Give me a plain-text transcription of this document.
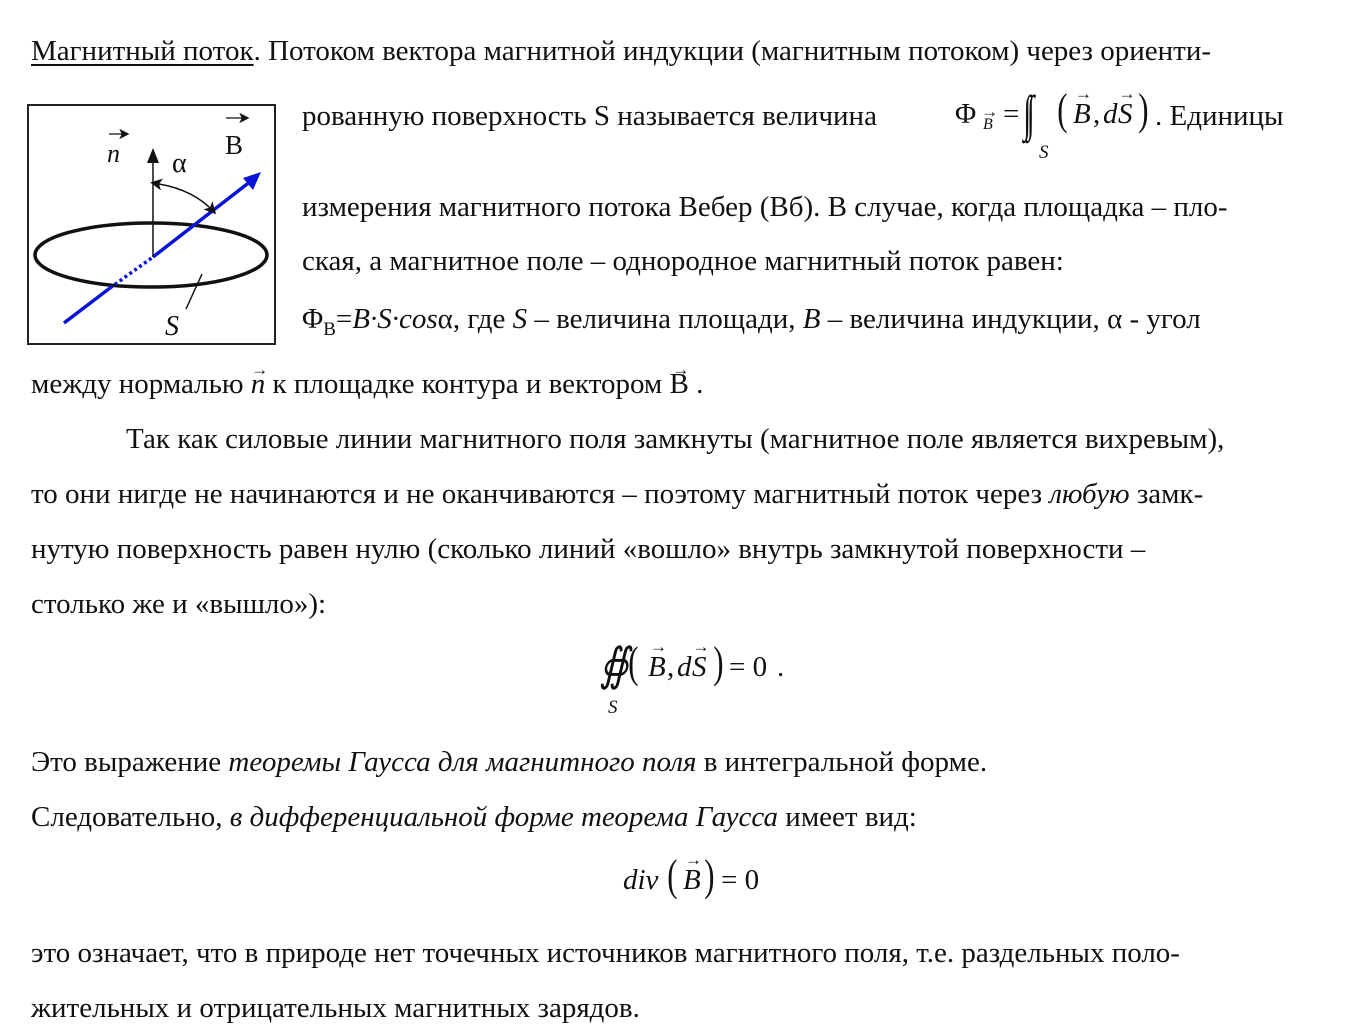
Магнитный поток. Потоком вектора магнитной индукции (магнитным потоком) через ориенти-
n α
B
S
рованную поверхность S называется величина	Φ → B =
S
( → B , d → S ) . Единицы
измерения магнитного потока Вебер (Вб). В случае, когда площадка – пло-
ская, а магнитное поле – однородное магнитный поток равен:
$\Phi_B=B\cdot S\cdot\cos\alpha$, где S – величина площади, B – величина индукции, α - угол
между нормалью → n к площадке контура и вектором → B .
Так как силовые линии магнитного поля замкнуты (магнитное поле является вихревым),
то они нигде не начинаются и не оканчиваются – поэтому магнитный поток через любую замк-
нутую поверхность равен нулю (сколько линий «вошло» внутрь замкнутой поверхности –
столько же и «вышло»):
∯
S
( → B , d → S ) = 0 .
Это выражение теоремы Гаусса для магнитного поля в интегральной форме.
Следовательно, в дифференциальной форме теорема Гаусса имеет вид:
div ( → B ) = 0
это означает, что в природе нет точечных источников магнитного поля, т.е. раздельных поло-
жительных и отрицательных магнитных зарядов.
